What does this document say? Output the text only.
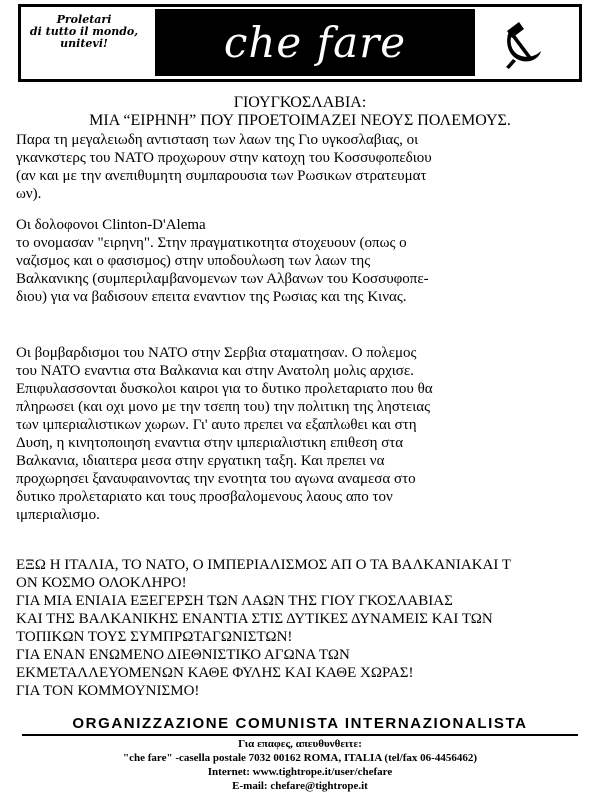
Proletari
di tutto il mondo,
unitevi!	che fare
ΓΙΟΥΓΚΟΣΛΑΒΙΑ:
ΜΙΑ “ΕΙΡΗΝΗ” ΠΟΥ ΠΡΟΕΤΟΙΜΑΖΕΙ ΝΕΟΥΣ ΠΟΛΕΜΟΥΣ.
Παρα τη μεγαλειωδη αντισταση των λαων της Γιο υγκοσλαβιας, οι
γκανκστερς του ΝΑΤΟ προχωρουν στην κατοχη του Κοσσυφοπεδιου
(αν και με την ανεπιθυμητη συμπαρουσια των Ρωσικων στρατευματ
ων).
Οι δολοφονοι Clinton-D'Alema
το ονομασαν "ειρηνη". Στην πραγματικοτητα στοχευουν (οπως ο
ναζισμος και ο φασισμος) στην υποδουλωση των λαων της
Βαλκανικης (συμπεριλαμβανομενων των Αλβανων του Κοσσυφοπε-
διου) για να βαδισουν επειτα εναντιον της Ρωσιας και της Κινας.
Οι βομβαρδισμοι του ΝΑΤΟ στην Σερβια σταματησαν. Ο πολεμος
του ΝΑΤΟ εναντια στα Βαλκανια και στην Ανατολη μολις αρχισε.
Επιφυλασσονται δυσκολοι καιροι για το δυτικο προλεταριατο που θα
πληρωσει (και οχι μονο με την τσεπη του) την πολιτικη της ληστειας
των ιμπεριαλιστικων χωρων. Γι' αυτο πρεπει να εξαπλωθει και στη
Δυση, η κινητοποιηση εναντια στην ιμπεριαλιστικη επιθεση στα
Βαλκανια, ιδιαιτερα μεσα στην εργατικη ταξη. Και πρεπει να
προχωρησει ξαναυφαινοντας την ενοτητα του αγωνα αναμεσα στο
δυτικο προλεταριατο και τους προσβαλομενους λαους απο τον
ιμπεριαλισμο.
ΕΞΩ Η ΙΤΑΛΙΑ, ΤΟ ΝΑΤΟ, Ο ΙΜΠΕΡΙΑΛΙΣΜΟΣ ΑΠ Ο ΤΑ ΒΑΛΚΑΝΙΑΚΑΙ Τ
ΟΝ ΚΟΣΜΟ ΟΛΟΚΛΗΡΟ!
ΓΙΑ ΜΙΑ ΕΝΙΑΙΑ ΕΞΕΓΕΡΣΗ ΤΩΝ ΛΑΩΝ ΤΗΣ ΓΙΟΥ ΓΚΟΣΛΑΒΙΑΣ
ΚΑΙ ΤΗΣ ΒΑΛΚΑΝΙΚΗΣ ΕΝΑΝΤΙΑ ΣΤΙΣ ΔΥΤΙΚΕΣ ΔΥΝΑΜΕΙΣ ΚΑΙ ΤΩΝ
ΤΟΠΙΚΩΝ ΤΟΥΣ ΣΥΜΠΡΩΤΑΓΩΝΙΣΤΩΝ!
ΓΙΑ ΕΝΑΝ ΕΝΩΜΕΝΟ ΔΙΕΘΝΙΣΤΙΚΟ ΑΓΩΝΑ ΤΩΝ
ΕΚΜΕΤΑΛΛΕΥΟΜΕΝΩΝ ΚΑΘΕ ΦΥΛΗΣ ΚΑΙ ΚΑΘΕ ΧΩΡΑΣ!
ΓΙΑ ΤΟΝ ΚΟΜΜΟΥΝΙΣΜΟ!
ORGANIZZAZIONE COMUNISTA INTERNAZIONALISTA
Για επαφες, απευθυνθειτε:
"che fare" -casella postale 7032 00162 ROMA, ITALIA (tel/fax 06-4456462)
Internet: www.tightrope.it/user/chefare
E-mail: chefare@tightrope.it
